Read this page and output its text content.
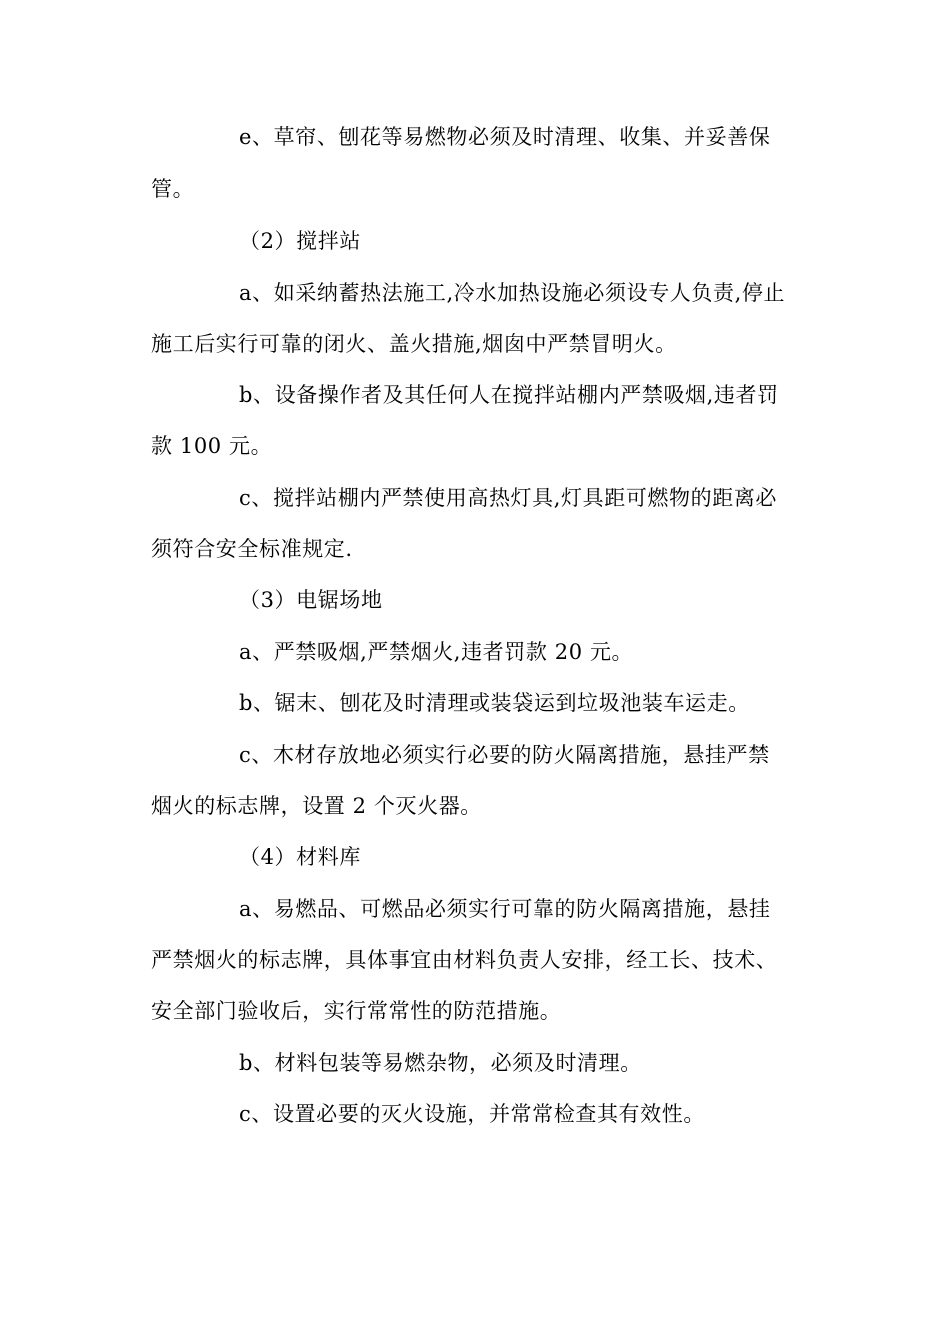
e、草帘、刨花等易燃物必须及时清理、收集、并妥善保
管。
（2）搅拌站
a、如采纳蓄热法施工,冷水加热设施必须设专人负责,停止
施工后实行可靠的闭火、盖火措施,烟囱中严禁冒明火。
b、设备操作者及其任何人在搅拌站棚内严禁吸烟,违者罚
款 100 元。
c、搅拌站棚内严禁使用高热灯具,灯具距可燃物的距离必
须符合安全标准规定.
（3）电锯场地
a、严禁吸烟,严禁烟火,违者罚款 20 元。
b、锯末、刨花及时清理或装袋运到垃圾池装车运走。
c、木材存放地必须实行必要的防火隔离措施，悬挂严禁
烟火的标志牌，设置 2 个灭火器。
（4）材料库
a、易燃品、可燃品必须实行可靠的防火隔离措施，悬挂
严禁烟火的标志牌，具体事宜由材料负责人安排，经工长、技术、
安全部门验收后，实行常常性的防范措施。
b、材料包装等易燃杂物，必须及时清理。
c、设置必要的灭火设施，并常常检查其有效性。
